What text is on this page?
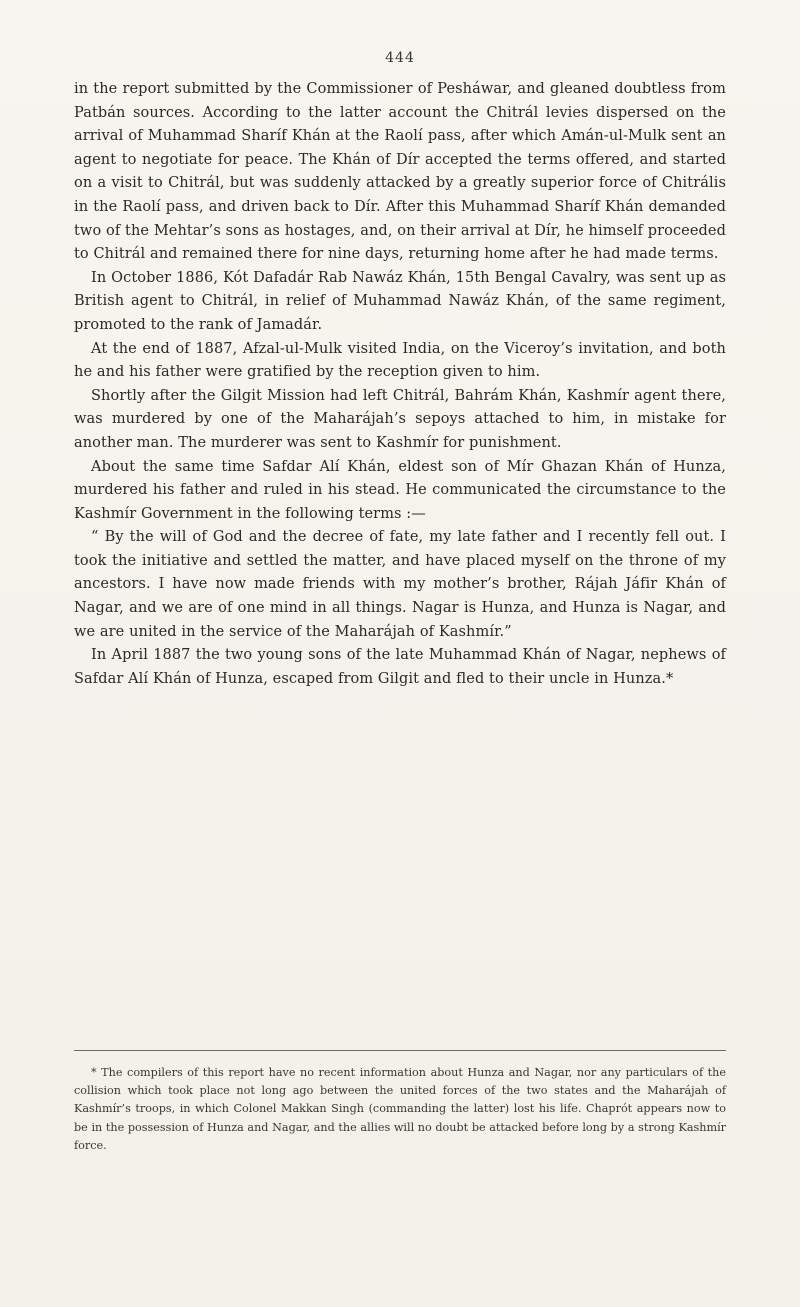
444

in the report submitted by the Commissioner of Pesháwar, and gleaned doubtless from Patbán sources. According to the latter account the Chitrál levies dispersed on the arrival of Muhammad Sharíf Khán at the Raolí pass, after which Amán-ul-Mulk sent an agent to negotiate for peace. The Khán of Dír accepted the terms offered, and started on a visit to Chitrál, but was suddenly attacked by a greatly superior force of Chitrális in the Raolí pass, and driven back to Dír. After this Muhammad Sharíf Khán demanded two of the Mehtar’s sons as hostages, and, on their arrival at Dír, he himself proceeded to Chitrál and remained there for nine days, returning home after he had made terms.

In October 1886, Kót Dafadár Rab Nawáz Khán, 15th Bengal Cavalry, was sent up as British agent to Chitrál, in relief of Muhammad Nawáz Khán, of the same regiment, promoted to the rank of Jamadár.

At the end of 1887, Afzal-ul-Mulk visited India, on the Viceroy’s invitation, and both he and his father were gratified by the reception given to him.

Shortly after the Gilgit Mission had left Chitrál, Bahrám Khán, Kashmír agent there, was murdered by one of the Maharájah’s sepoys attached to him, in mistake for another man. The murderer was sent to Kashmír for punishment.

About the same time Safdar Alí Khán, eldest son of Mír Ghazan Khán of Hunza, murdered his father and ruled in his stead. He communicated the circumstance to the Kashmír Government in the following terms :—

“ By the will of God and the decree of fate, my late father and I recently fell out. I took the initiative and settled the matter, and have placed myself on the throne of my ancestors. I have now made friends with my mother’s brother, Rájah Jáfir Khán of Nagar, and we are of one mind in all things. Nagar is Hunza, and Hunza is Nagar, and we are united in the service of the Maharájah of Kashmír.”

In April 1887 the two young sons of the late Muhammad Khán of Nagar, nephews of Safdar Alí Khán of Hunza, escaped from Gilgit and fled to their uncle in Hunza.*

* The compilers of this report have no recent information about Hunza and Nagar, nor any particulars of the collision which took place not long ago between the united forces of the two states and the Maharájah of Kashmír’s troops, in which Colonel Makkan Singh (commanding the latter) lost his life. Chaprót appears now to be in the possession of Hunza and Nagar, and the allies will no doubt be attacked before long by a strong Kashmír force.
